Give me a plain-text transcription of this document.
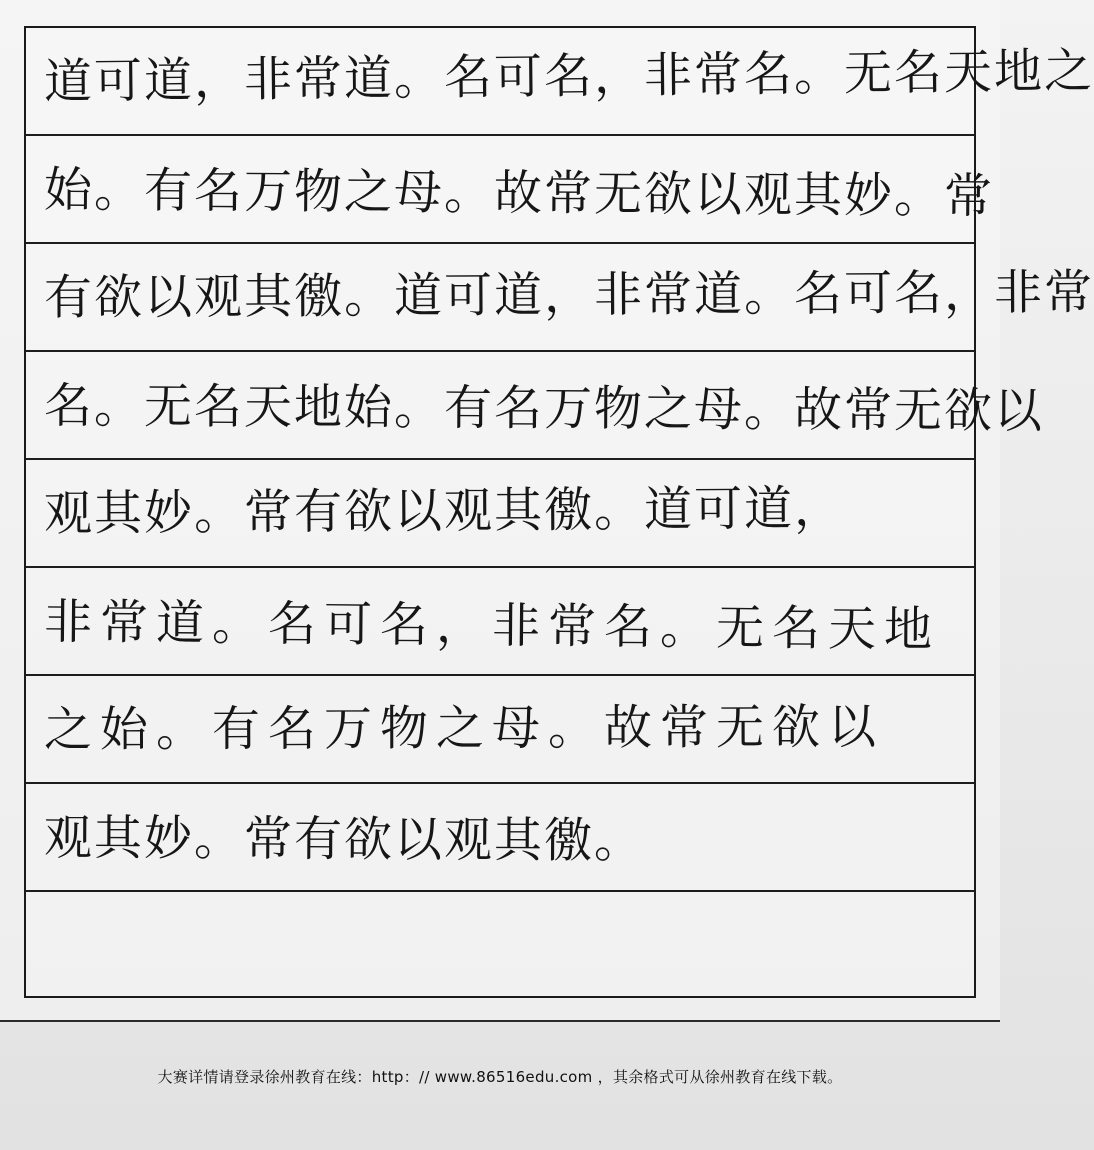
道可道，非常道。名可名，非常名。无名天地之
始。有名万物之母。故常无欲以观其妙。常
有欲以观其徼。道可道，非常道。名可名，非常
名。无名天地始。有名万物之母。故常无欲以
观其妙。常有欲以观其徼。道可道，
非常道。名可名，非常名。无名天地
之始。有名万物之母。故常无欲以
观其妙。常有欲以观其徼。
大赛详情请登录徐州教育在线：http：// www.86516edu.com ，其余格式可从徐州教育在线下载。
